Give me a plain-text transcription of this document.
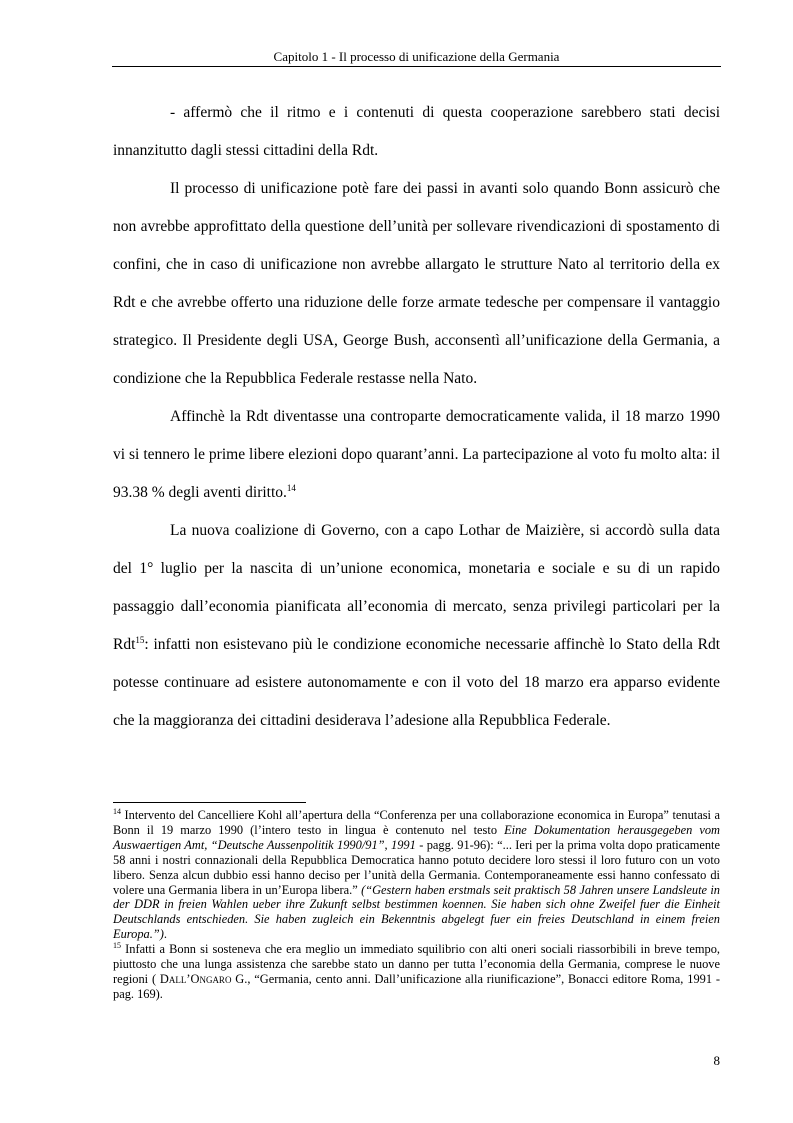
Capitolo 1 - Il processo di unificazione della Germania

- affermò che il ritmo e i contenuti di questa cooperazione sarebbero stati decisi innanzitutto dagli stessi cittadini della Rdt.

Il processo di unificazione potè fare dei passi in avanti solo quando Bonn assicurò che non avrebbe approfittato della questione dell’unità per sollevare rivendicazioni di spostamento di confini, che in caso di unificazione non avrebbe allargato le strutture Nato al territorio della ex Rdt e che avrebbe offerto una riduzione delle forze armate tedesche per compensare il vantaggio strategico. Il Presidente degli USA, George Bush, acconsentì all’unificazione della Germania, a condizione che la Repubblica Federale restasse nella Nato.

Affinchè la Rdt diventasse una controparte democraticamente valida, il 18 marzo 1990 vi si tennero le prime libere elezioni dopo quarant’anni. La partecipazione al voto fu molto alta: il 93.38 % degli aventi diritto.$^{14}$

La nuova coalizione di Governo, con a capo Lothar de Maizière, si accordò sulla data del 1° luglio per la nascita di un’unione economica, monetaria e sociale e su di un rapido passaggio dall’economia pianificata all’economia di mercato, senza privilegi particolari per la Rdt$^{15}$: infatti non esistevano più le condizione economiche necessarie affinchè lo Stato della Rdt potesse continuare ad esistere autonomamente e con il voto del 18 marzo era apparso evidente che la maggioranza dei cittadini desiderava l’adesione alla Repubblica Federale.

$^{14}$ Intervento del Cancelliere Kohl all’apertura della “Conferenza per una collaborazione economica in Europa” tenutasi a Bonn il 19 marzo 1990 (l’intero testo in lingua è contenuto nel testo Eine Dokumentation herausgegeben vom Auswaertigen Amt, “Deutsche Aussenpolitik 1990/91”, 1991 - pagg. 91-96): “... Ieri per la prima volta dopo praticamente 58 anni i nostri connazionali della Repubblica Democratica hanno potuto decidere loro stessi il loro futuro con un voto libero. Senza alcun dubbio essi hanno deciso per l’unità della Germania. Contemporaneamente essi hanno confessato di volere una Germania libera in un’Europa libera.” (“Gestern haben erstmals seit praktisch 58 Jahren unsere Landsleute in der DDR in freien Wahlen ueber ihre Zukunft selbst bestimmen koennen. Sie haben sich ohne Zweifel fuer die Einheit Deutschlands entschieden. Sie haben zugleich ein Bekenntnis abgelegt fuer ein freies Deutschland in einem freien Europa.”).

$^{15}$ Infatti a Bonn si sosteneva che era meglio un immediato squilibrio con alti oneri sociali riassorbibili in breve tempo, piuttosto che una lunga assistenza che sarebbe stato un danno per tutta l’economia della Germania, comprese le nuove regioni ( Dall’Ongaro G., “Germania, cento anni. Dall’unificazione alla riunificazione”, Bonacci editore Roma, 1991 - pag. 169).

8
